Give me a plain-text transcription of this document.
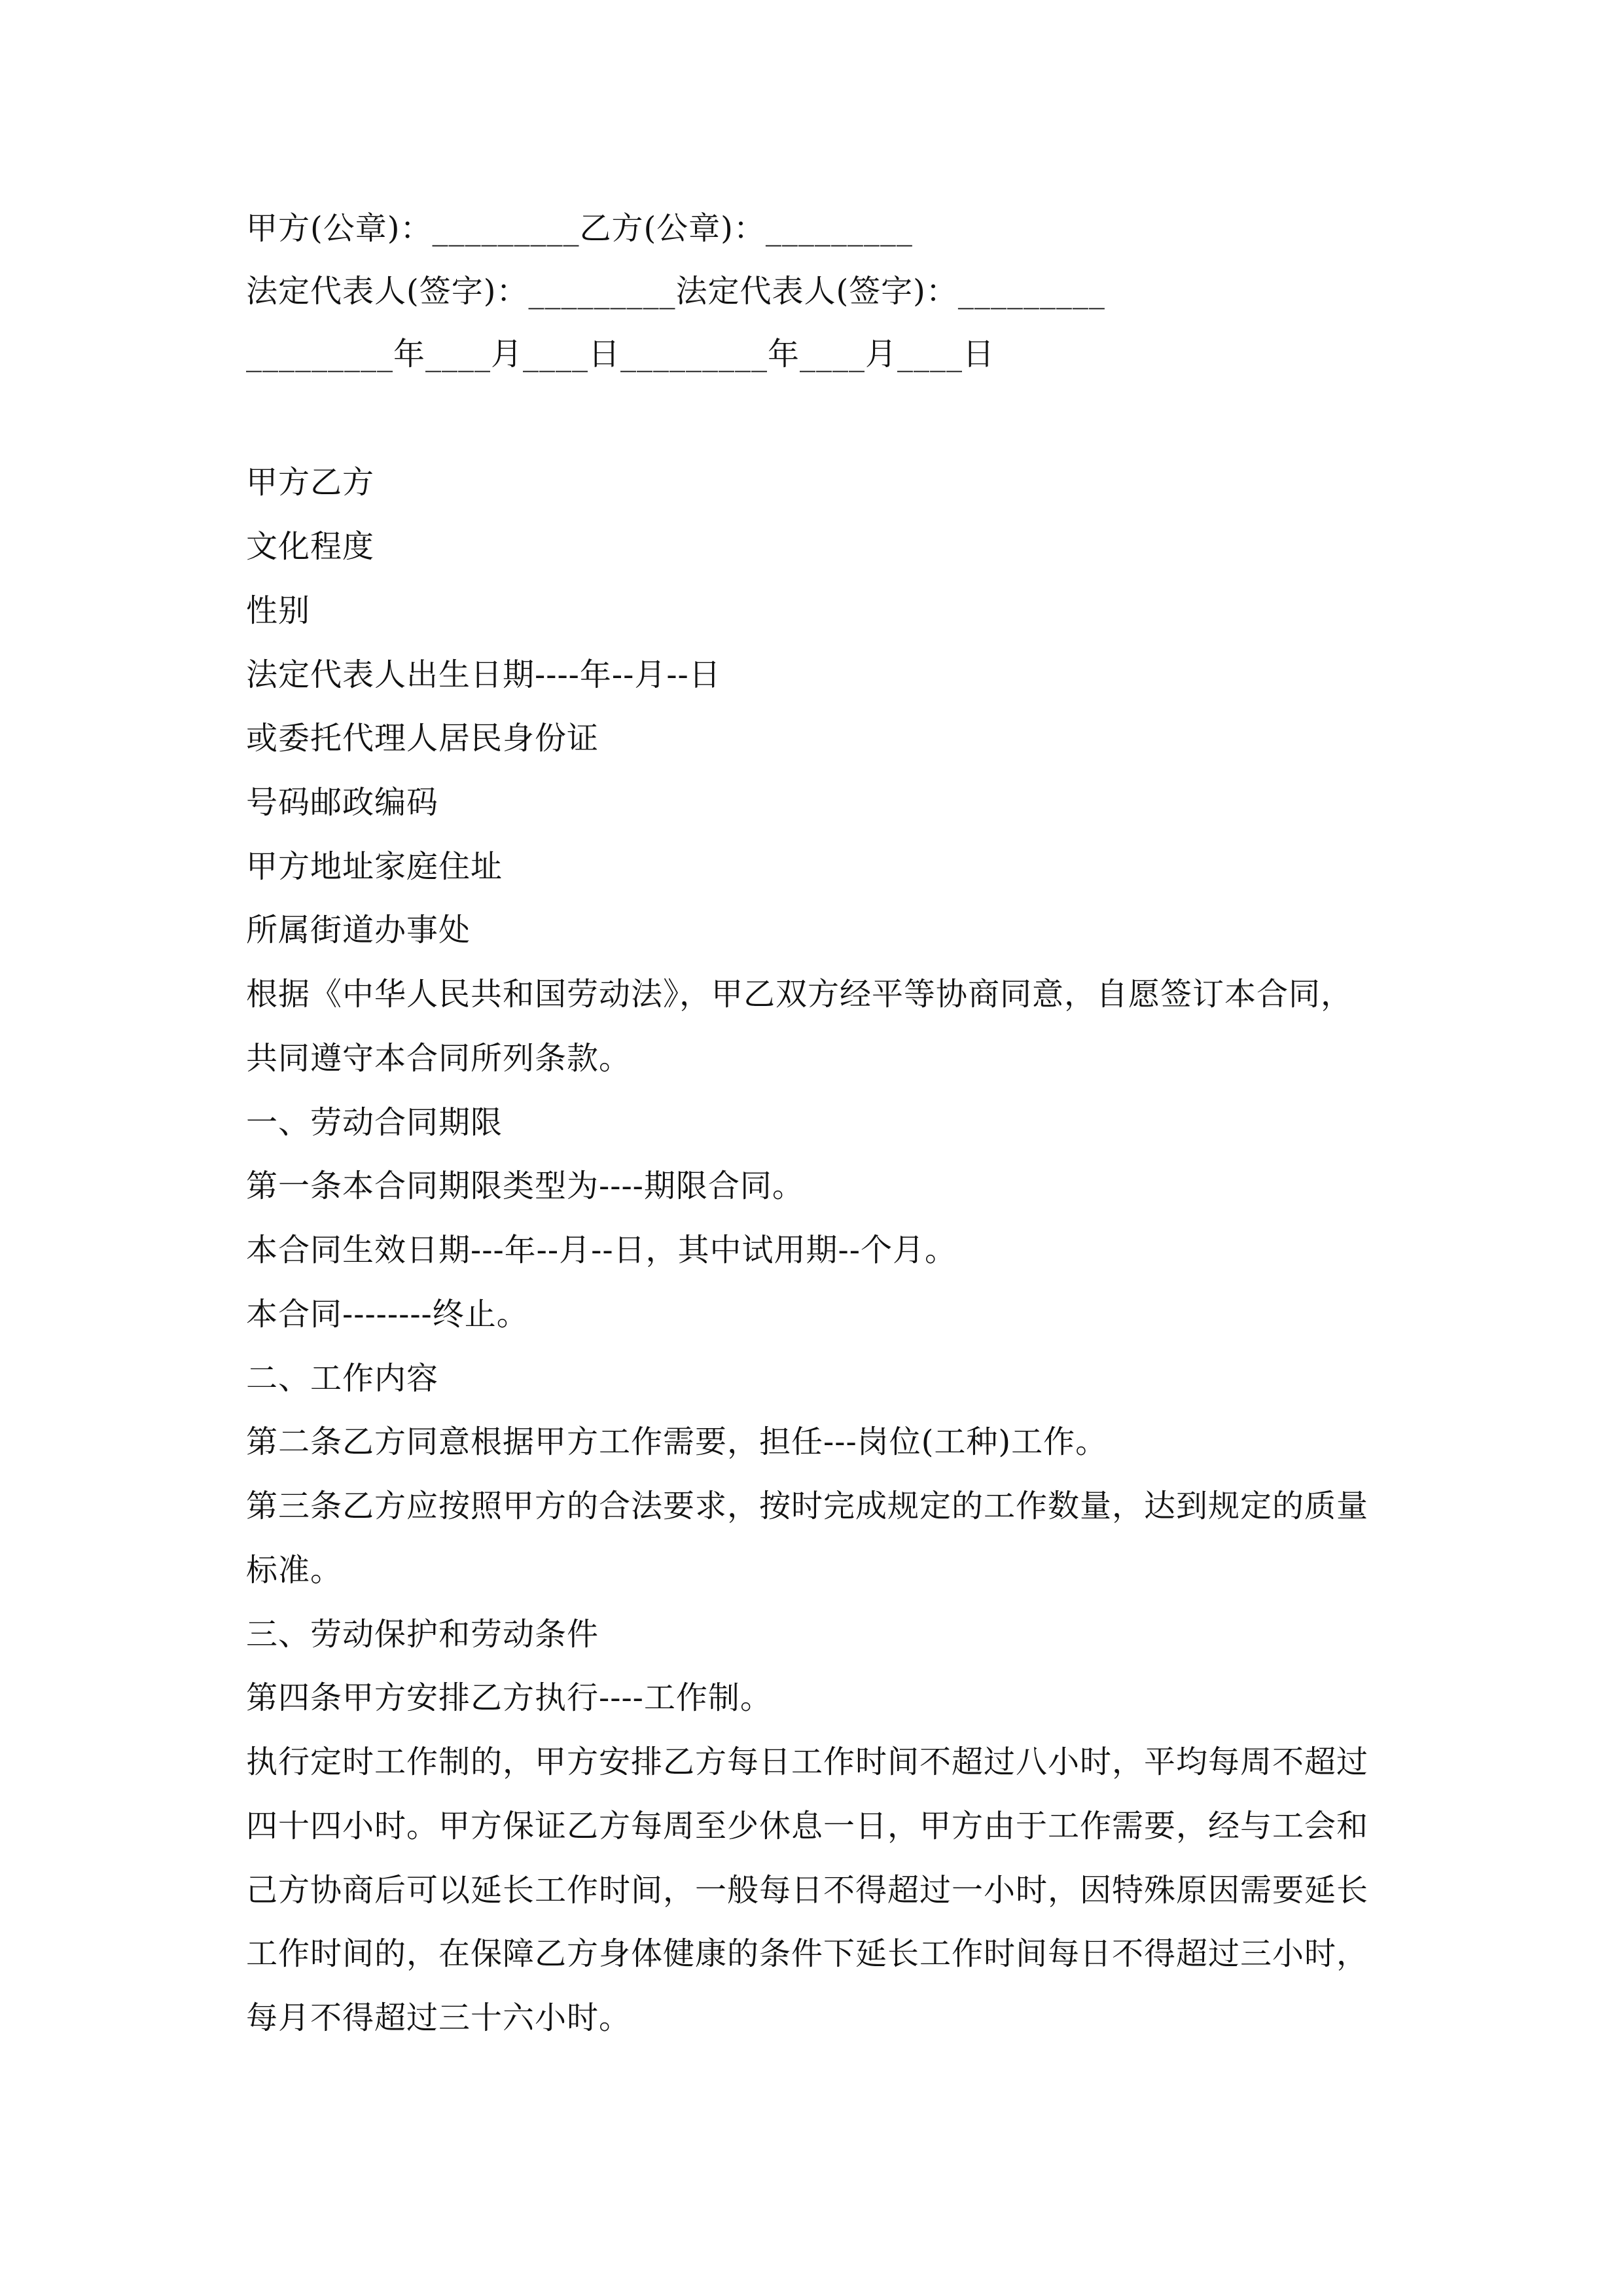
甲方(公章)：_________乙方(公章)：_________
法定代表人(签字)：_________法定代表人(签字)：_________
_________年____月____日_________年____月____日
甲方乙方
文化程度
性别
法定代表人出生日期----年--月--日
或委托代理人居民身份证
号码邮政编码
甲方地址家庭住址
所属街道办事处
根据《中华人民共和国劳动法》，甲乙双方经平等协商同意，自愿签订本合同，
共同遵守本合同所列条款。
一、劳动合同期限
第一条本合同期限类型为----期限合同。
本合同生效日期---年--月--日，其中试用期--个月。
本合同--------终止。
二、工作内容
第二条乙方同意根据甲方工作需要，担任---岗位(工种)工作。
第三条乙方应按照甲方的合法要求，按时完成规定的工作数量，达到规定的质量
标准。
三、劳动保护和劳动条件
第四条甲方安排乙方执行----工作制。
执行定时工作制的，甲方安排乙方每日工作时间不超过八小时，平均每周不超过
四十四小时。甲方保证乙方每周至少休息一日，甲方由于工作需要，经与工会和
己方协商后可以延长工作时间，一般每日不得超过一小时，因特殊原因需要延长
工作时间的，在保障乙方身体健康的条件下延长工作时间每日不得超过三小时，
每月不得超过三十六小时。
